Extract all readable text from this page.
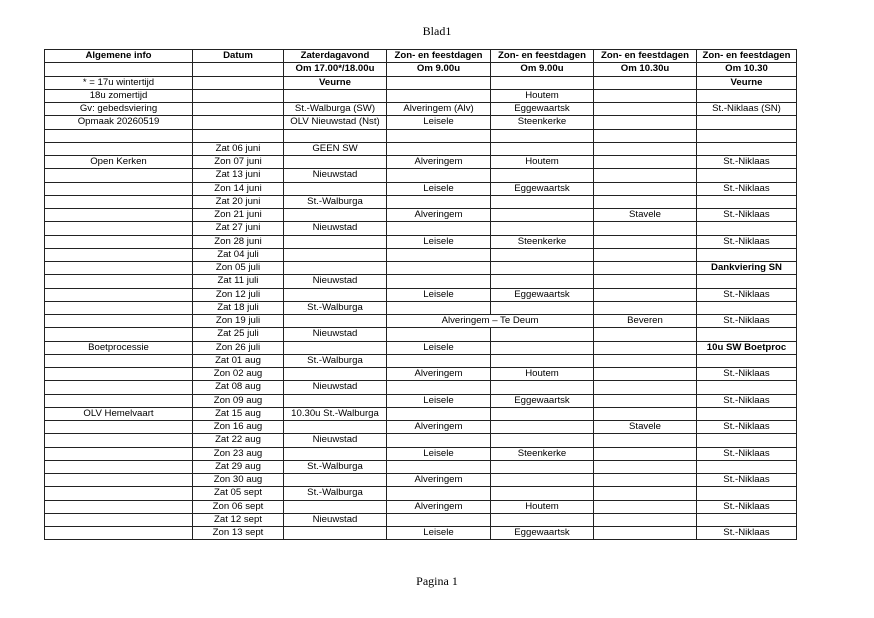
Blad1
Algemene info	Datum	Zaterdagavond	Zon- en feestdagen	Zon- en feestdagen	Zon- en feestdagen	Zon- en feestdagen
		Om 17.00*/18.00u	Om 9.00u	Om 9.00u	Om 10.30u	Om 10.30
* = 17u wintertijd		Veurne				Veurne
18u zomertijd				Houtem		
Gv: gebedsviering		St.-Walburga (SW)	Alveringem (Alv)	Eggewaartsk		St.-Niklaas (SN)
Opmaak 20260519		OLV Nieuwstad (Nst)	Leisele	Steenkerke		

	Zat 06 juni	GEEN SW				
Open Kerken	Zon 07 juni		Alveringem	Houtem		St.-Niklaas
	Zat 13 juni	Nieuwstad				
	Zon 14 juni		Leisele	Eggewaartsk		St.-Niklaas
	Zat 20 juni	St.-Walburga				
	Zon 21 juni		Alveringem		Stavele	St.-Niklaas
	Zat 27 juni	Nieuwstad				
	Zon 28 juni		Leisele	Steenkerke		St.-Niklaas
	Zat 04 juli					
	Zon 05 juli					Dankviering SN
	Zat 11 juli	Nieuwstad				
	Zon 12 juli		Leisele	Eggewaartsk		St.-Niklaas
	Zat 18 juli	St.-Walburga				
	Zon 19 juli		Alveringem – Te Deum		Beveren	St.-Niklaas
	Zat 25 juli	Nieuwstad				
Boetprocessie	Zon 26 juli		Leisele			10u SW Boetproc
	Zat 01 aug	St.-Walburga				
	Zon 02 aug		Alveringem	Houtem		St.-Niklaas
	Zat 08 aug	Nieuwstad				
	Zon 09 aug		Leisele	Eggewaartsk		St.-Niklaas
OLV Hemelvaart	Zat 15 aug	10.30u St.-Walburga				
	Zon 16 aug		Alveringem		Stavele	St.-Niklaas
	Zat 22 aug	Nieuwstad				
	Zon 23 aug		Leisele	Steenkerke		St.-Niklaas
	Zat 29 aug	St.-Walburga				
	Zon 30 aug		Alveringem			St.-Niklaas
	Zat 05 sept	St.-Walburga				
	Zon 06 sept		Alveringem	Houtem		St.-Niklaas
	Zat 12 sept	Nieuwstad				
	Zon 13 sept		Leisele	Eggewaartsk		St.-Niklaas
Pagina 1
